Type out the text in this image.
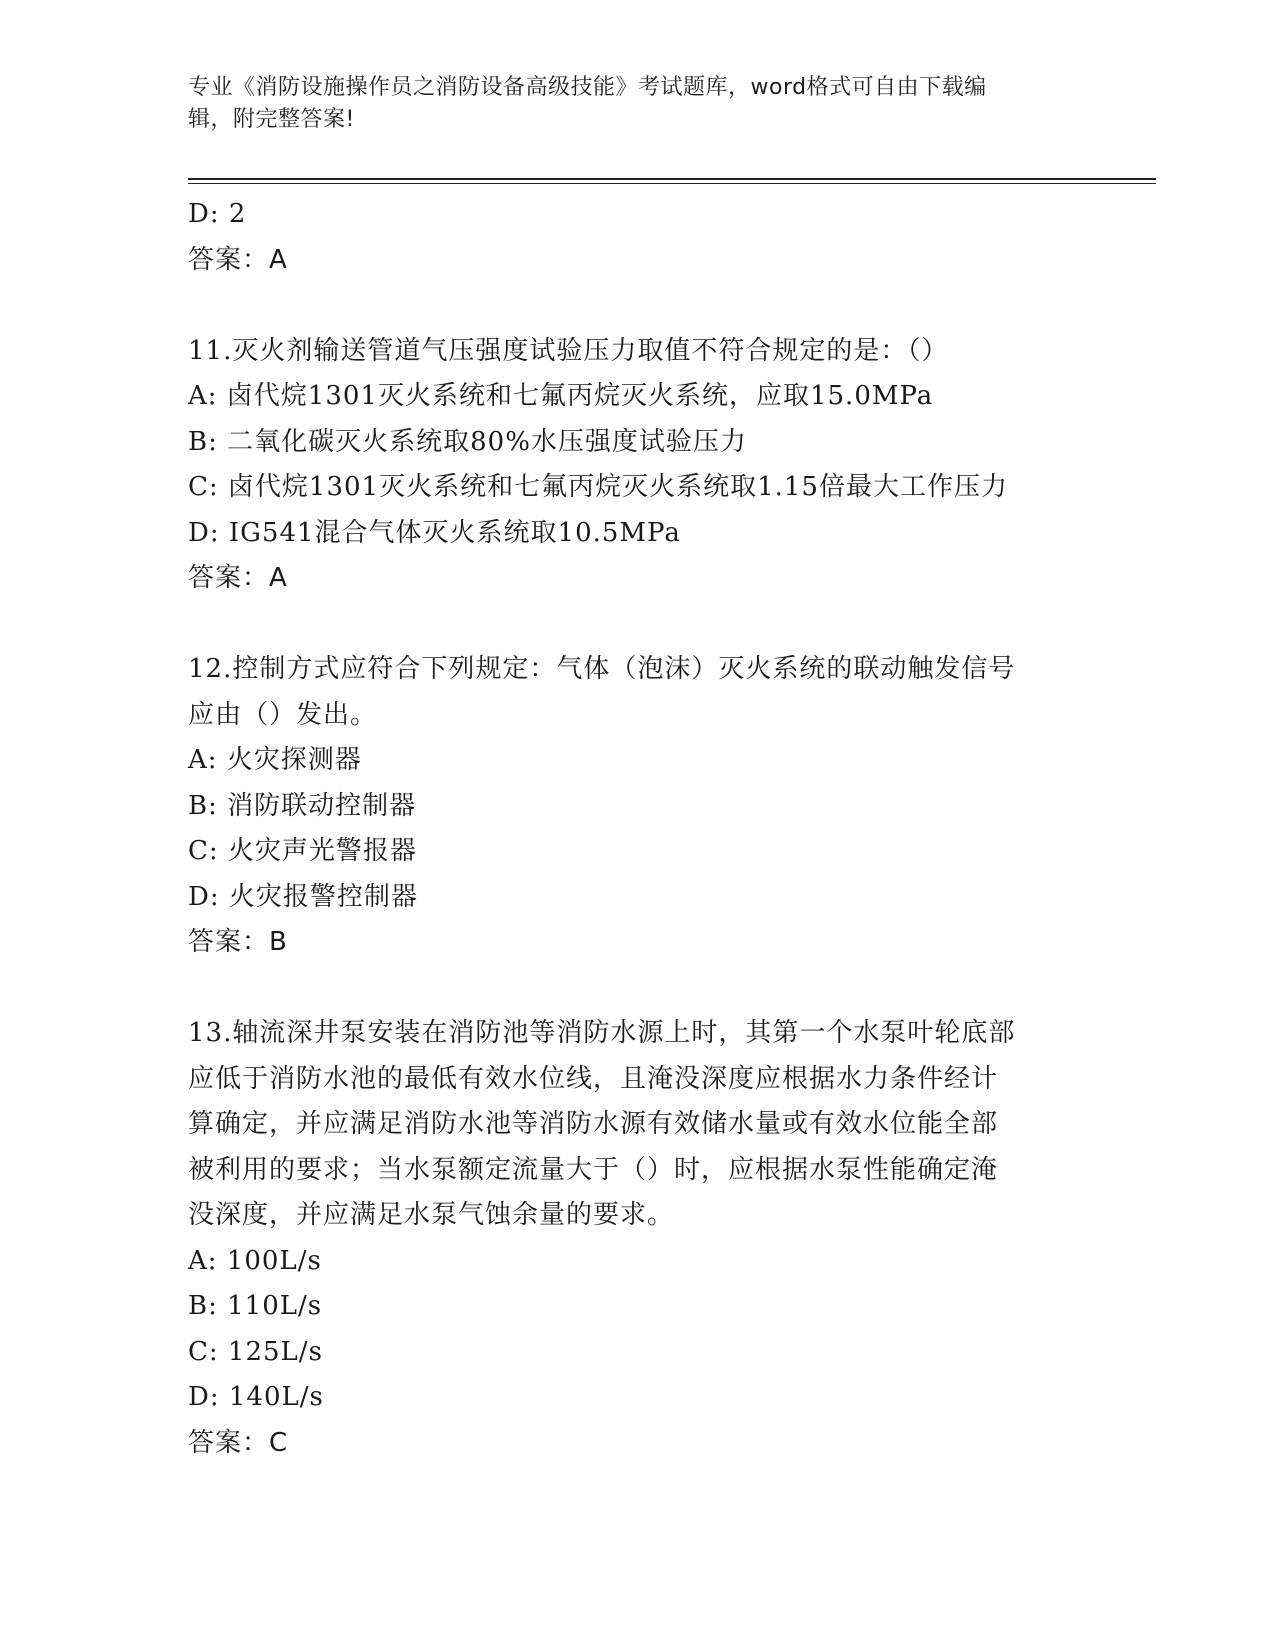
专业《消防设施操作员之消防设备高级技能》考试题库，word格式可自由下载编
辑，附完整答案!
D: 2
答案：A
11.灭火剂输送管道气压强度试验压力取值不符合规定的是：（）
A: 卤代烷1301灭火系统和七氟丙烷灭火系统，应取15.0MPa
B: 二氧化碳灭火系统取80%水压强度试验压力
C: 卤代烷1301灭火系统和七氟丙烷灭火系统取1.15倍最大工作压力
D: IG541混合气体灭火系统取10.5MPa
答案：A
12.控制方式应符合下列规定：气体（泡沫）灭火系统的联动触发信号
应由（）发出。
A: 火灾探测器
B: 消防联动控制器
C: 火灾声光警报器
D: 火灾报警控制器
答案：B
13.轴流深井泵安装在消防池等消防水源上时，其第一个水泵叶轮底部
应低于消防水池的最低有效水位线，且淹没深度应根据水力条件经计
算确定，并应满足消防水池等消防水源有效储水量或有效水位能全部
被利用的要求；当水泵额定流量大于（）时，应根据水泵性能确定淹
没深度，并应满足水泵气蚀余量的要求。
A: 100L/s
B: 110L/s
C: 125L/s
D: 140L/s
答案：C
